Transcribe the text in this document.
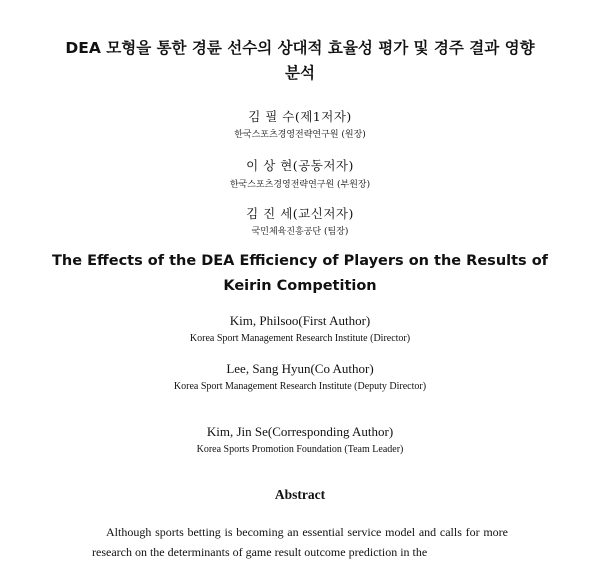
DEA 모형을 통한 경륜 선수의 상대적 효율성 평가 및 경주 결과 영향 분석
김 필 수(제1저자)
한국스포츠경영전략연구원 (원장)
이 상 현(공동저자)
한국스포츠경영전략연구원 (부원장)
김 진 세(교신저자)
국민체육진흥공단 (팀장)
The Effects of the DEA Efficiency of Players on the Results of Keirin Competition
Kim, Philsoo(First Author)
Korea Sport Management Research Institute (Director)
Lee, Sang Hyun(Co Author)
Korea Sport Management Research Institute (Deputy Director)
Kim, Jin Se(Corresponding Author)
Korea Sports Promotion Foundation (Team Leader)
Abstract
Although sports betting is becoming an essential service model and calls for more research on the determinants of game result outcome prediction in the
